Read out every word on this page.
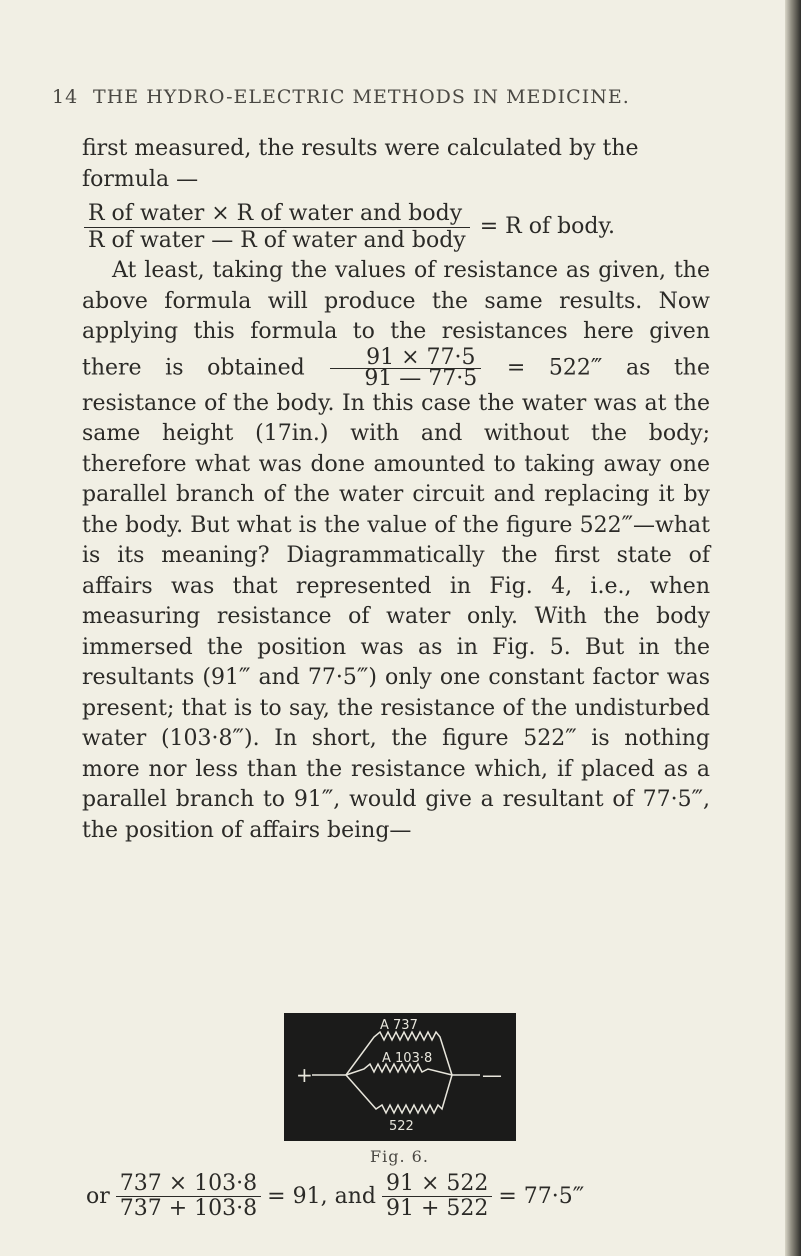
14 THE HYDRO-ELECTRIC METHODS IN MEDICINE.

first measured, the results were calculated by the

formula —

$\frac{\text{R of water × R of water and body}}{\text{R of water — R of water and body}} = R$ of body.

At least, taking the values of resistance as given, the above formula will produce the same results. Now applying this formula to the resistances here given there is obtained $\frac{91 \times 77\cdot 5}{91 — 77\cdot 5}$ = 522‴ as the resistance of the body. In this case the water was at the same height (17in.) with and without the body; therefore what was done amounted to taking away one parallel branch of the water circuit and replacing it by the body. But what is the value of the figure 522‴—what is its meaning? Diagrammatically the first state of affairs was that represented in Fig. 4, i.e., when measuring resistance of water only. With the body immersed the position was as in Fig. 5. But in the resultants (91‴ and 77·5‴) only one constant factor was present; that is to say, the resistance of the undisturbed water (103·8‴). In short, the figure 522‴ is nothing more nor less than the resistance which, if placed as a parallel branch to 91‴, would give a resultant of 77·5‴, the position of affairs being—

+	—
A 737
A 103·8
522
Fig. 6.
or $\frac{737 \times 103\cdot 8}{737 + 103\cdot 8} = 91$, and $\frac{91 \times 522}{91 + 522}$ = 77·5‴
